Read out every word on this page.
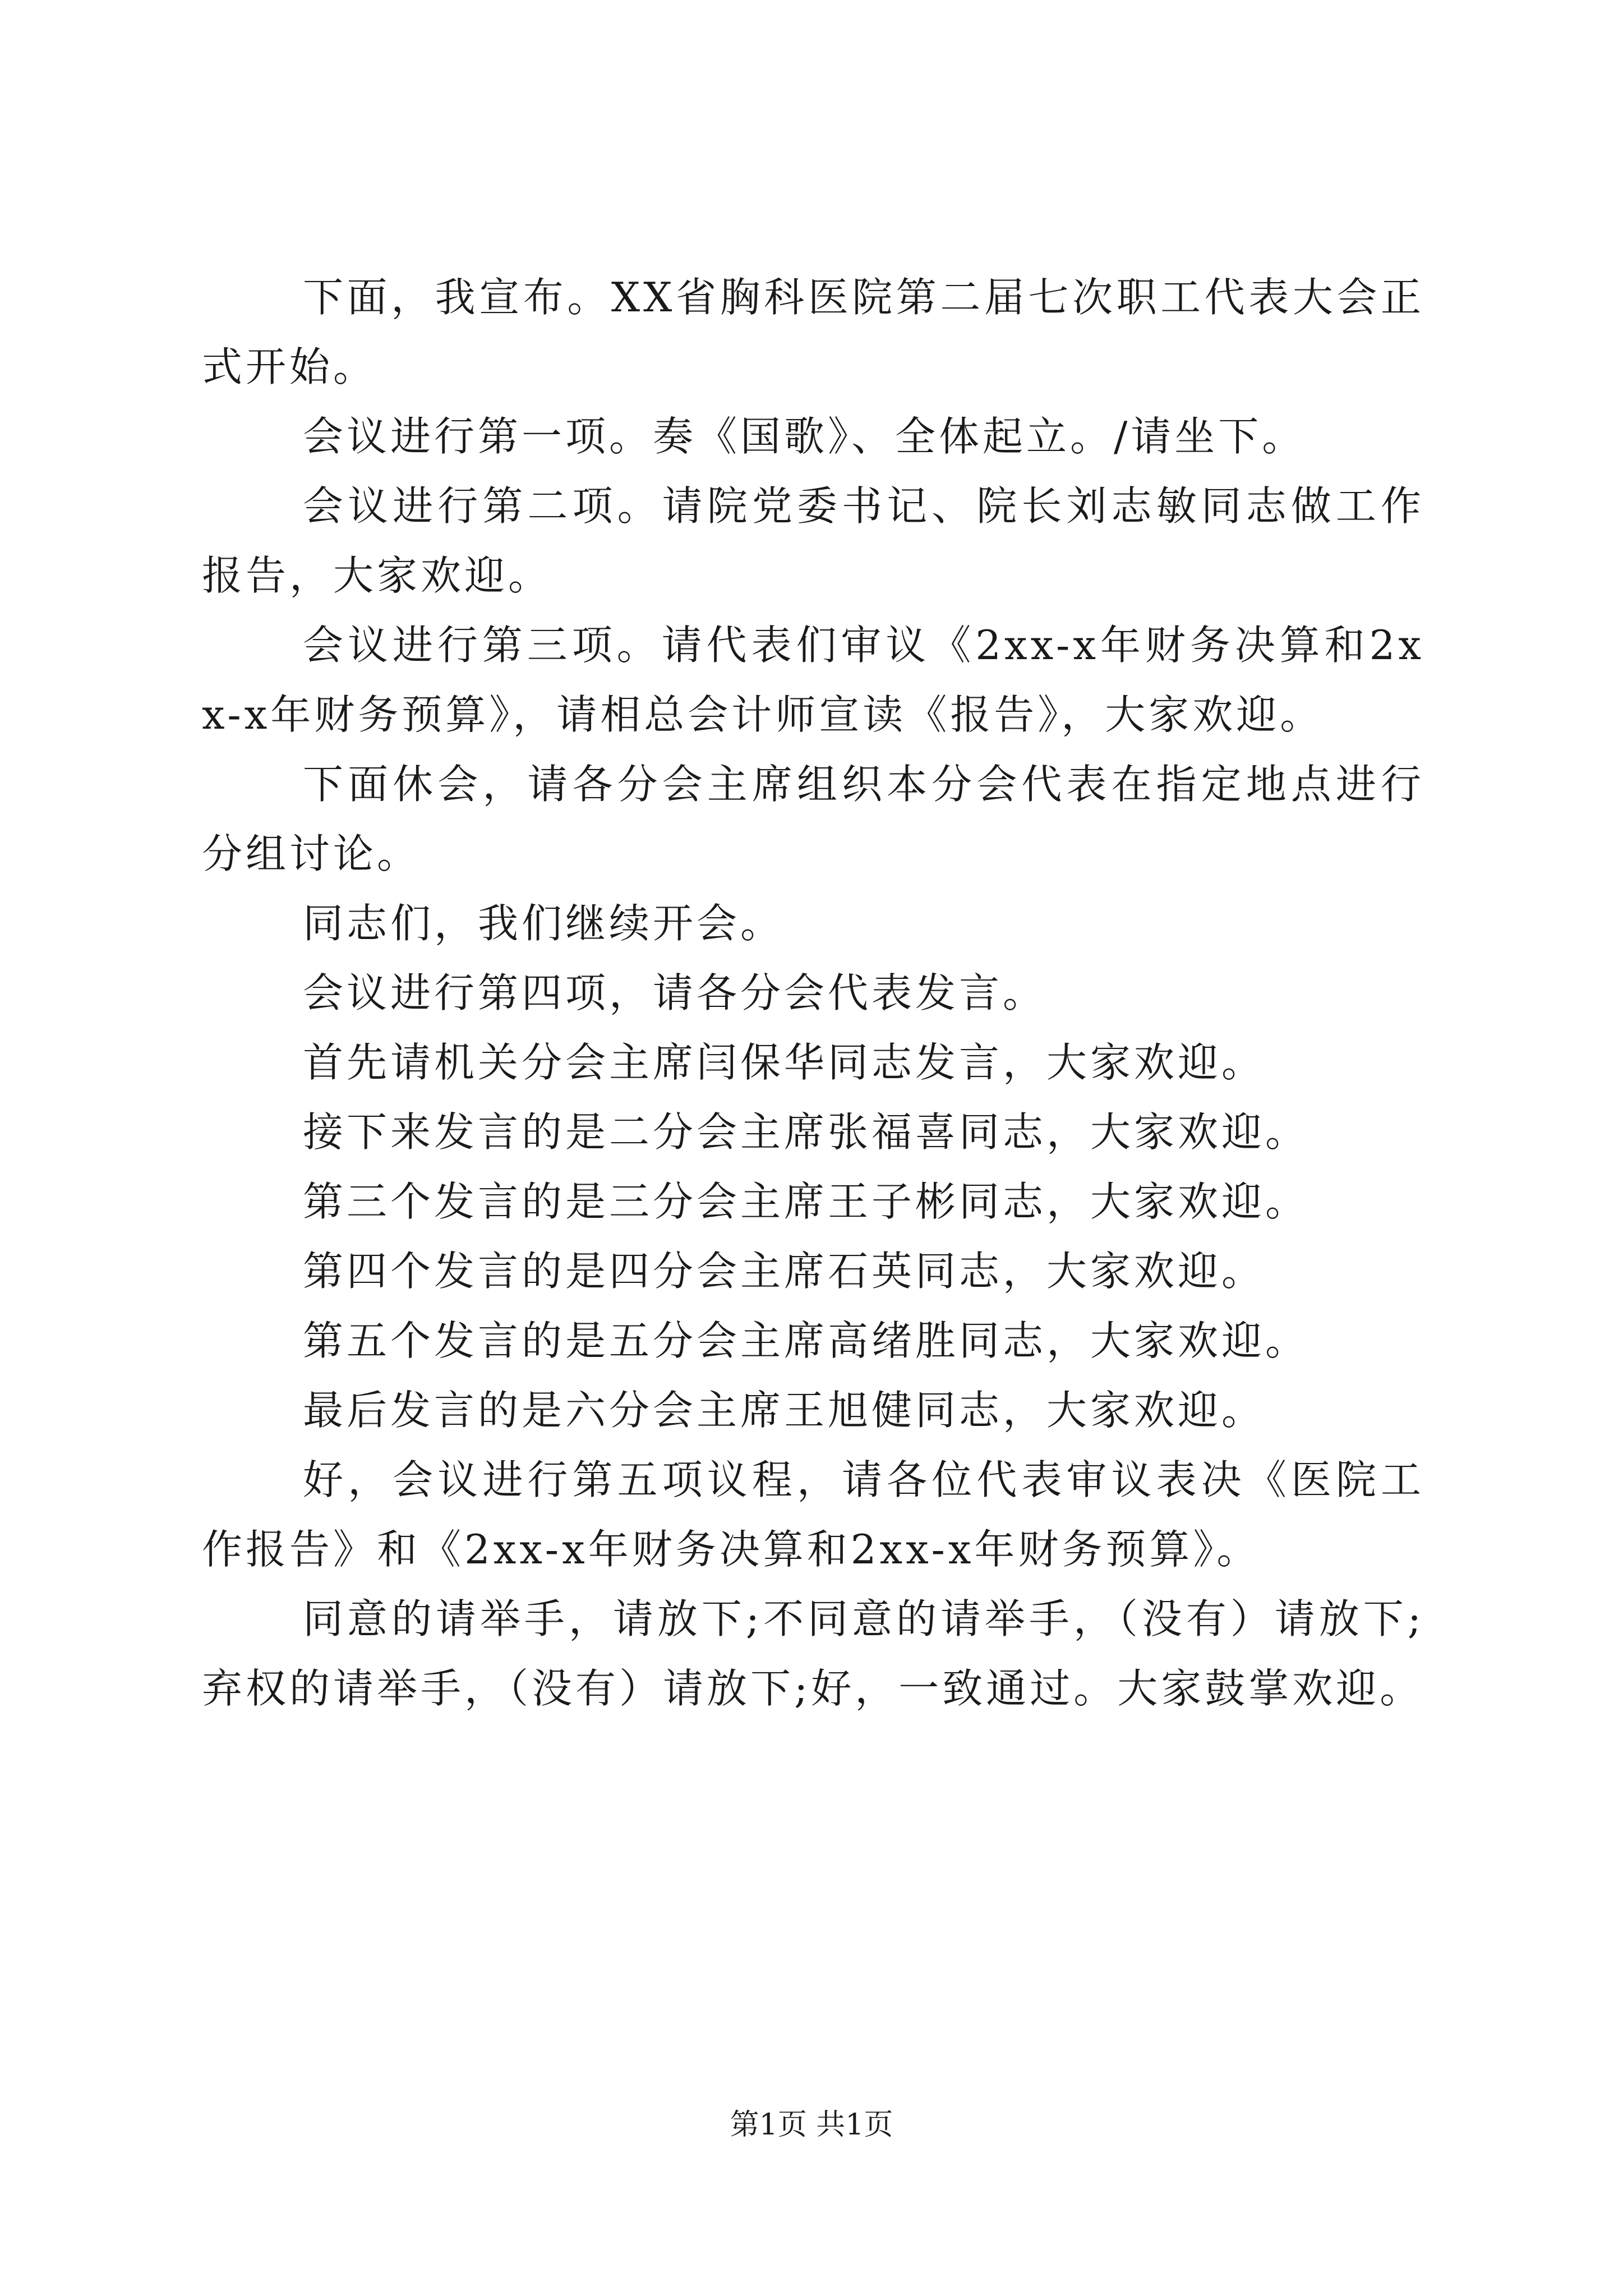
下面，我宣布。XX省胸科医院第二届七次职工代表大会正式开始。

会议进行第一项。奏《国歌》、全体起立。/请坐下。

会议进行第二项。请院党委书记、院长刘志敏同志做工作报告，大家欢迎。

会议进行第三项。请代表们审议《2xx-x年财务决算和2xx-x年财务预算》，请相总会计师宣读《报告》，大家欢迎。

下面休会，请各分会主席组织本分会代表在指定地点进行分组讨论。

同志们，我们继续开会。

会议进行第四项，请各分会代表发言。

首先请机关分会主席闫保华同志发言，大家欢迎。

接下来发言的是二分会主席张福喜同志，大家欢迎。

第三个发言的是三分会主席王子彬同志，大家欢迎。

第四个发言的是四分会主席石英同志，大家欢迎。

第五个发言的是五分会主席高绪胜同志，大家欢迎。

最后发言的是六分会主席王旭健同志，大家欢迎。

好，会议进行第五项议程，请各位代表审议表决《医院工作报告》和《2xx-x年财务决算和2xx-x年财务预算》。

同意的请举手，请放下;不同意的请举手，（没有）请放下;弃权的请举手，（没有）请放下;好，一致通过。大家鼓掌欢迎。

第1页 共1页
